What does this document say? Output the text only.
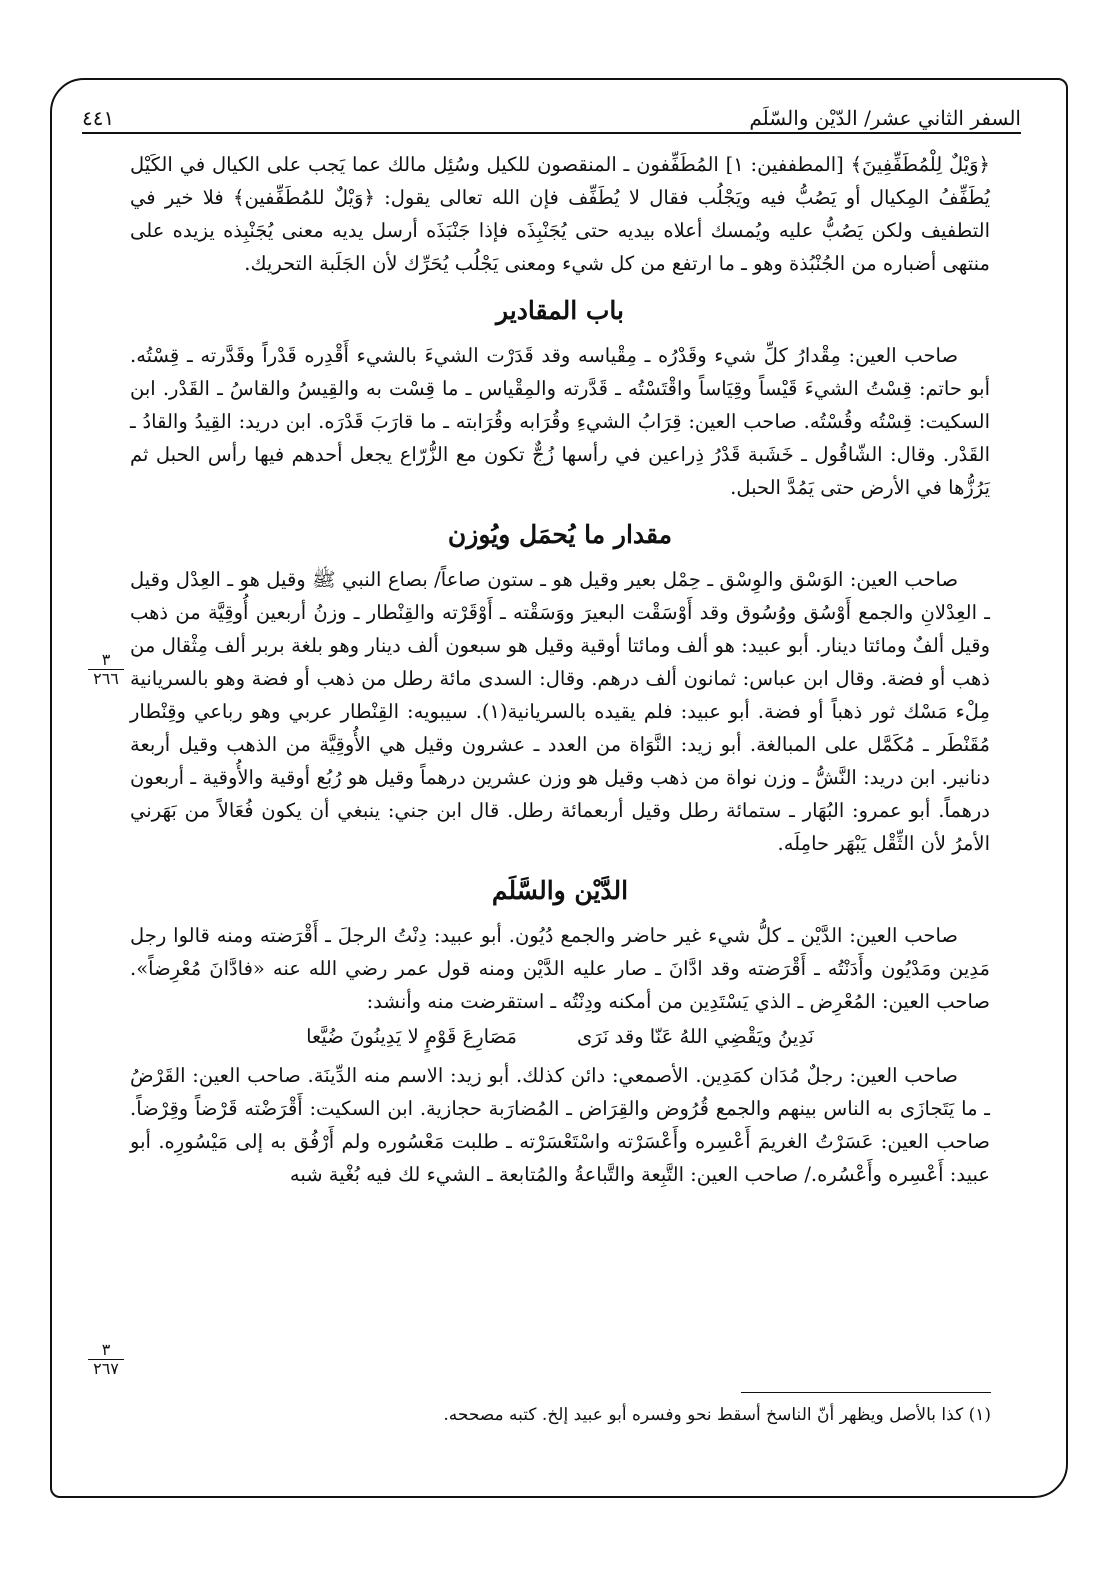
السفر الثاني عشر/ الدّيْن والسّلَم
٤٤١

﴿وَيْلٌ لِلْمُطَفِّفِينَ﴾ [المطففين: ١] المُطَفِّفون ـ المنقصون للكيل وسُئِل مالك عما يَجب على الكيال في الكَيْل يُطَفِّفُ المِكيال أو يَصُبُّ فيه ويَجْلُب فقال لا يُطَفِّف فإن الله تعالى يقول: ﴿وَيْلٌ للمُطَفِّفين﴾ فلا خير في التطفيف ولكن يَصُبُّ عليه ويُمسك أعلاه بيديه حتى يُجَنْبِذَه فإذا جَنْبَذَه أرسل يديه معنى يُجَنْبِذه يزيده على منتهى أضباره من الجُنْبُذة وهو ـ ما ارتفع من كل شيء ومعنى يَجْلُب يُحَرِّك لأن الجَلَبة التحريك.

باب المقادير

صاحب العين: مِقْدارُ كلِّ شيء وقَدْرُه ـ مِقْياسه وقد قَدَرْت الشيءَ بالشيء أَقْدِره قَدْراً وقَدَّرته ـ قِسْتُه. أبو حاتم: قِسْتُ الشيءَ قَيْساً وقِيَاساً واقْتَسْتُه ـ قَدَّرته والمِقْياس ـ ما قِسْت به والقِيسُ والقاسُ ـ القَدْر. ابن السكيت: قِسْتُه وقُسْتُه. صاحب العين: قِرَابُ الشيءِ وقُرَابه وقُرَابته ـ ما قارَبَ قَدْرَه. ابن دريد: القِيدُ والقادُ ـ القَدْر. وقال: الشّاقُول ـ خَشَبة قَدْرُ ذِراعين في رأسها زُجٌّ تكون مع الزُّرّاع يجعل أحدهم فيها رأس الحبل ثم يَرُزُّها في الأرض حتى يَمُدَّ الحبل.

مقدار ما يُحمَل ويُوزن

صاحب العين: الوَسْق والوِسْق ـ حِمْل بعير وقيل هو ـ ستون صاعاً/ بصاع النبي ﷺ وقيل هو ـ العِدْل وقيل ـ العِدْلانِ والجمع أَوْسُق ووُسُوق وقد أَوْسَقْت البعيرَ ووَسَقْته ـ أَوْقَرْته والقِنْطار ـ وزنُ أربعين أُوقِيَّة من ذهب وقيل ألفٌ ومائتا دينار. أبو عبيد: هو ألف ومائتا أوقية وقيل هو سبعون ألف دينار وهو بلغة بربر ألف مِثْقال من ذهب أو فضة. وقال ابن عباس: ثمانون ألف درهم. وقال: السدى مائة رطل من ذهب أو فضة وهو بالسريانية مِلْء مَسْك ثور ذهباً أو فضة. أبو عبيد: فلم يقيده بالسريانية(١). سيبويه: القِنْطار عربي وهو رباعي وقِنْطار مُقَنْطَر ـ مُكَمَّل على المبالغة. أبو زيد: النَّوَاة من العدد ـ عشرون وقيل هي الأُوقِيَّة من الذهب وقيل أربعة دنانير. ابن دريد: النَّشُّ ـ وزن نواة من ذهب وقيل هو وزن عشرين درهماً وقيل هو رُبُع أوقية والأُوقية ـ أربعون درهماً. أبو عمرو: البُهَار ـ ستمائة رطل وقيل أربعمائة رطل. قال ابن جني: ينبغي أن يكون فُعَالاً من بَهَرني الأمرُ لأن الثِّقْل يَبْهَر حامِلَه.

الدَّيْن والسَّلَم

صاحب العين: الدَّيْن ـ كلُّ شيء غير حاضر والجمع دُيُون. أبو عبيد: دِنْتُ الرجلَ ـ أَقْرَضته ومنه قالوا رجل مَدِين ومَدْيُون وأَدَنْتُه ـ أَقْرَضته وقد ادَّانَ ـ صار عليه الدَّيْن ومنه قول عمر رضي الله عنه «فادَّانَ مُعْرِضاً». صاحب العين: المُعْرِض ـ الذي يَسْتَدِين من أمكنه ودِنْتُه ـ استقرضت منه وأنشد:

نَدِينُ ويَقْضِي اللهُ عَنّا وقد نَرَى
مَصَارِعَ قَوْمٍ لا يَدِينُونَ ضُيَّعا

صاحب العين: رجلٌ مُدَان كمَدِين. الأصمعي: دائن كذلك. أبو زيد: الاسم منه الدِّينَة. صاحب العين: القَرْضُ ـ ما يَتَجازَى به الناس بينهم والجمع قُرُوض والقِرَاض ـ المُضارَبة حجازية. ابن السكيت: أَقْرَضْته قَرْضاً وقِرْضاً. صاحب العين: عَسَرْتُ الغريمَ أَعْسِره وأَعْسَرْته واسْتَعْسَرْته ـ طلبت مَعْسُوره ولم أَرْفُق به إلى مَيْسُورِه. أبو عبيد: أَعْسِره وأَعْسُره./ صاحب العين: التَّبِعة والتَّباعةُ والمُتابعة ـ الشيء لك فيه بُغْية شبه

٣
٢٦٦
٣
٢٦٧
(١) كذا بالأصل ويظهر أنّ الناسخ أسقط نحو وفسره أبو عبيد إلخ. كتبه مصححه.
